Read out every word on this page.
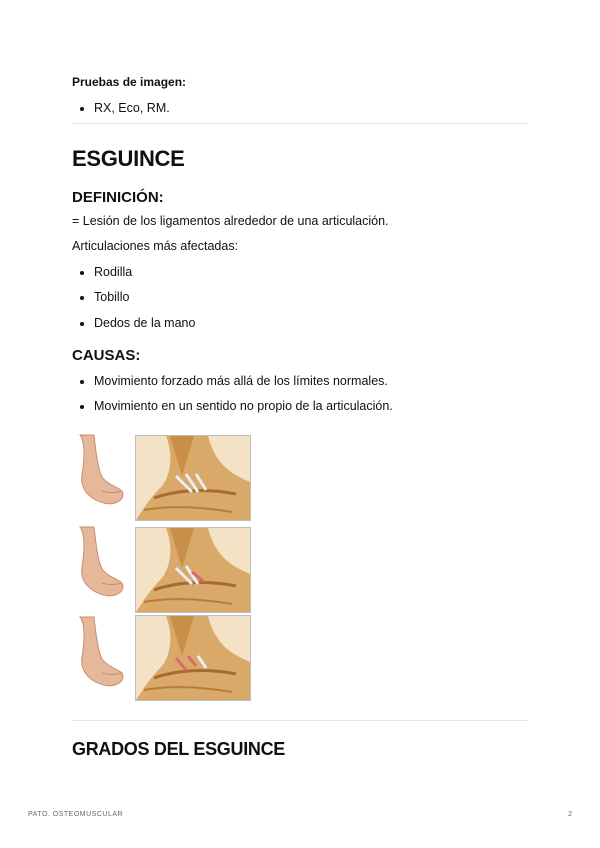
Pruebas de imagen:
RX, Eco, RM.
ESGUINCE
DEFINICIÓN:
= Lesión de los ligamentos alrededor de una articulación.
Articulaciones más afectadas:
Rodilla
Tobillo
Dedos de la mano
CAUSAS:
Movimiento forzado más allá de los límites normales.
Movimiento en un sentido no propio de la articulación.
GRADOS DEL ESGUINCE
PATO. OSTEOMUSCULAR	2
